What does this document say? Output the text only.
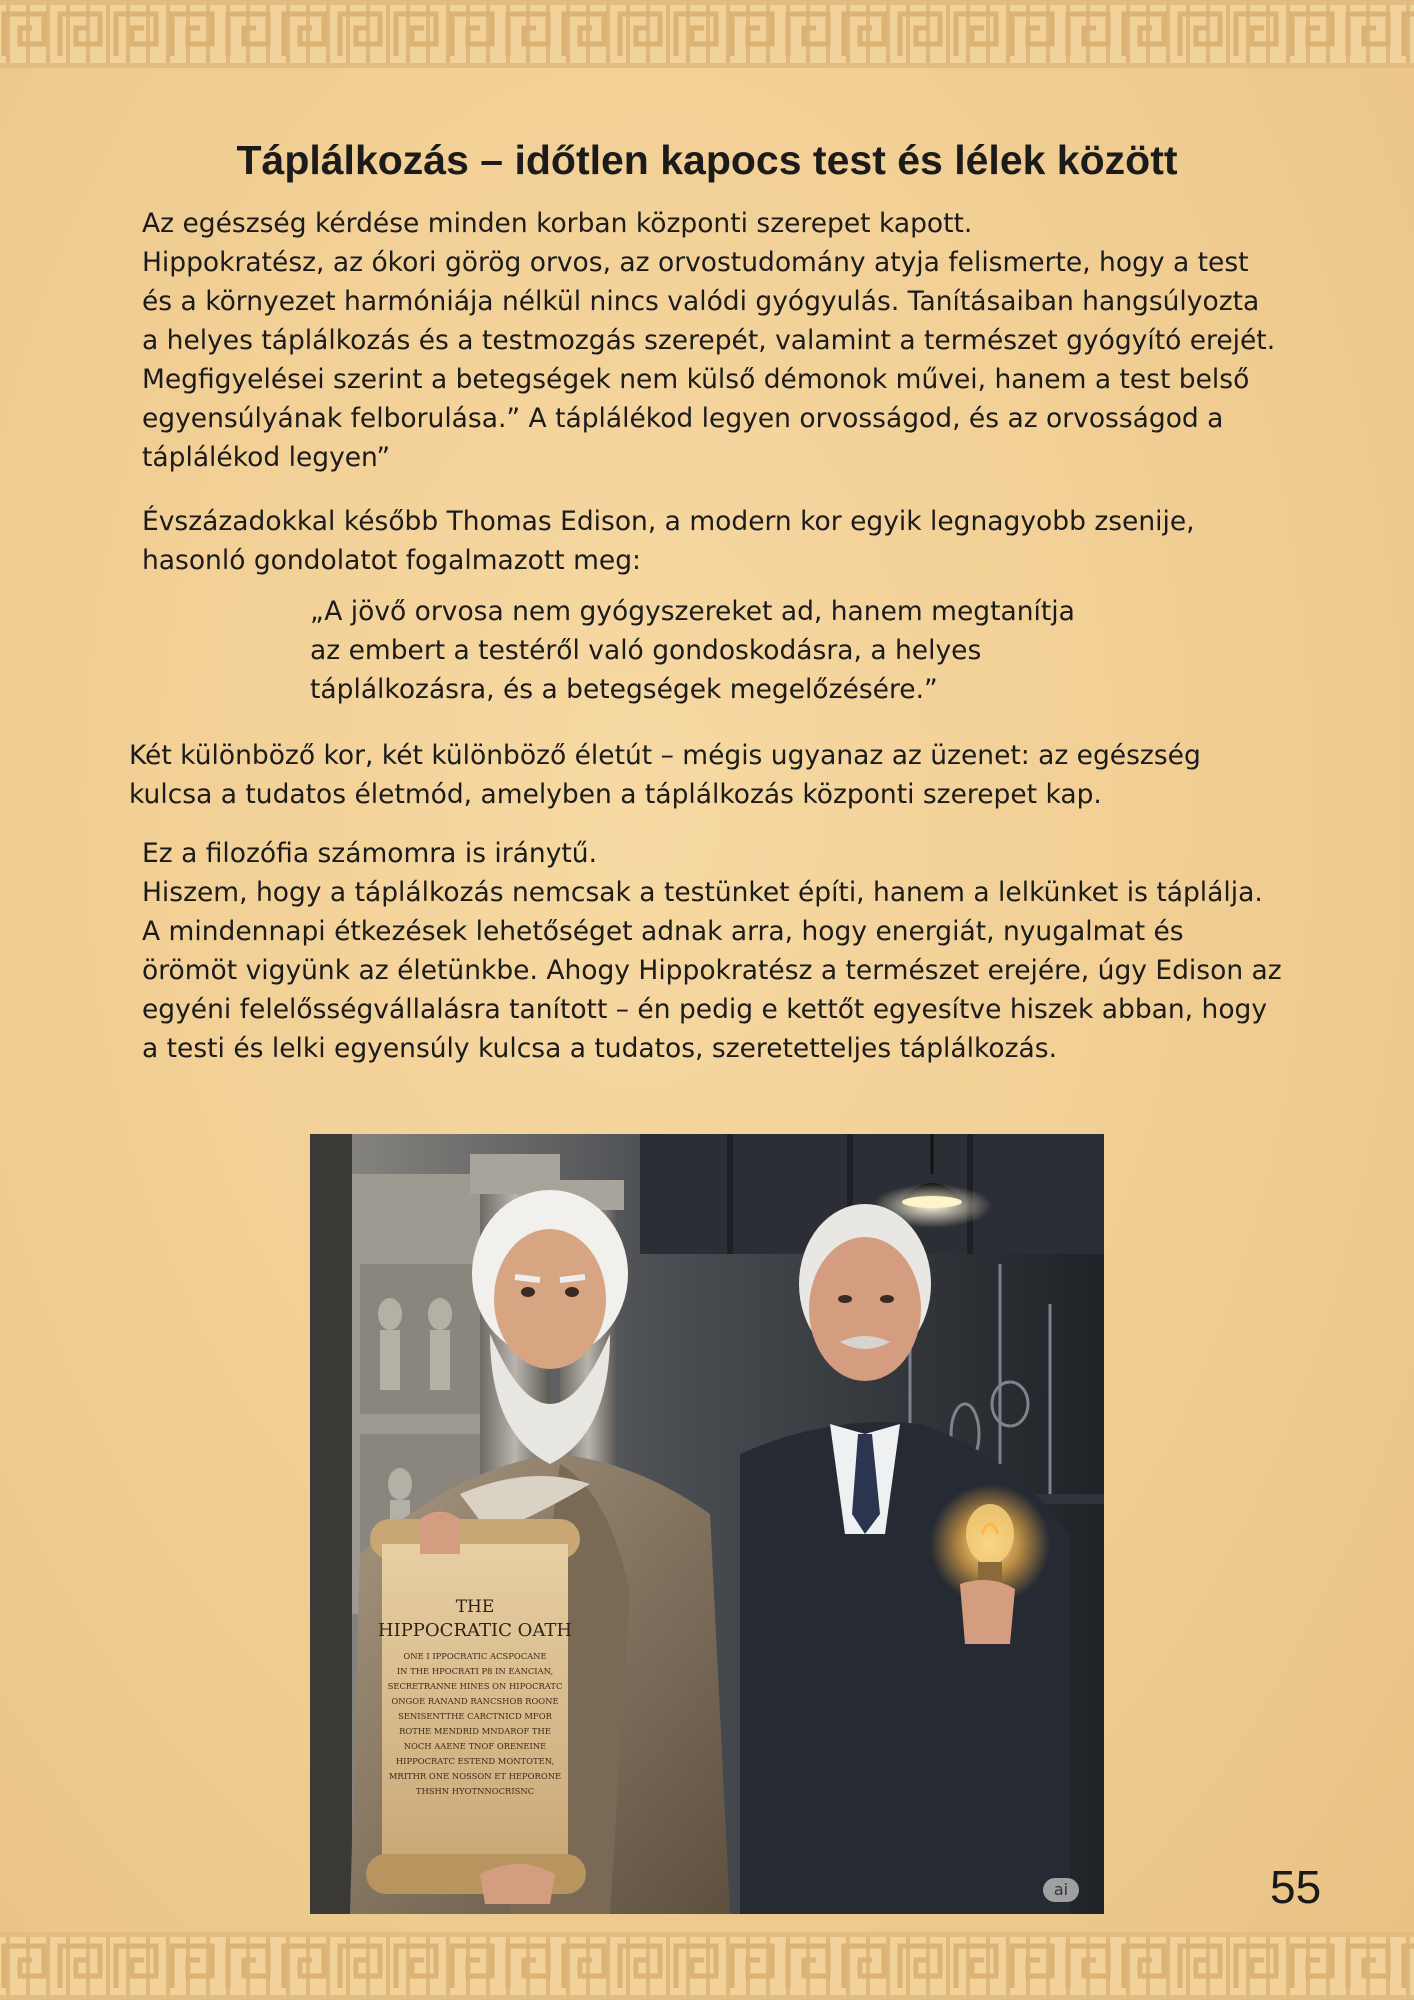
Táplálkozás – időtlen kapocs test és lélek között

Az egészség kérdése minden korban központi szerepet kapott.
Hippokratész, az ókori görög orvos, az orvostudomány atyja felismerte, hogy a test és a környezet harmóniája nélkül nincs valódi gyógyulás. Tanításaiban hangsúlyozta a helyes táplálkozás és a testmozgás szerepét, valamint a természet gyógyító erejét. Megfigyelései szerint a betegségek nem külső démonok művei, hanem a test belső egyensúlyának felborulása.” A táplálékod legyen orvosságod, és az orvosságod a táplálékod legyen”

Évszázadokkal később Thomas Edison, a modern kor egyik legnagyobb zsenije, hasonló gondolatot fogalmazott meg:

„A jövő orvosa nem gyógyszereket ad, hanem megtanítja az embert a testéről való gondoskodásra, a helyes táplálkozásra, és a betegségek megelőzésére.”

Két különböző kor, két különböző életút – mégis ugyanaz az üzenet: az egészség kulcsa a tudatos életmód, amelyben a táplálkozás központi szerepet kap.

Ez a filozófia számomra is iránytű.
Hiszem, hogy a táplálkozás nemcsak a testünket építi, hanem a lelkünket is táplálja. A mindennapi étkezések lehetőséget adnak arra, hogy energiát, nyugalmat és örömöt vigyünk az életünkbe. Ahogy Hippokratész a természet erejére, úgy Edison az egyéni felelősségvállalásra tanított – én pedig e kettőt egyesítve hiszek abban, hogy a testi és lelki egyensúly kulcsa a tudatos, szeretetteljes táplálkozás.

THE
HIPPOCRATIC OATH
ONE I IPPOCRATIC ACSPOCANE
IN THE HPOCRATI P8 IN EANCIAN,
SECRETRANNE HINES ON HIPOCRATC
ONGOE RANAND RANCSHOB ROONE
SENISENTTHE CARCTNICD MFOR
ROTHE MENDRID MNDAROF THE
NOCH AAENE TNOF ORENEINE
HIPPOCRATC ESTEND MONTOTEN,
MRITHR ONE NOSSON ET HEPORONE
THSHN HYOTNNOCRISNC
ai	55
